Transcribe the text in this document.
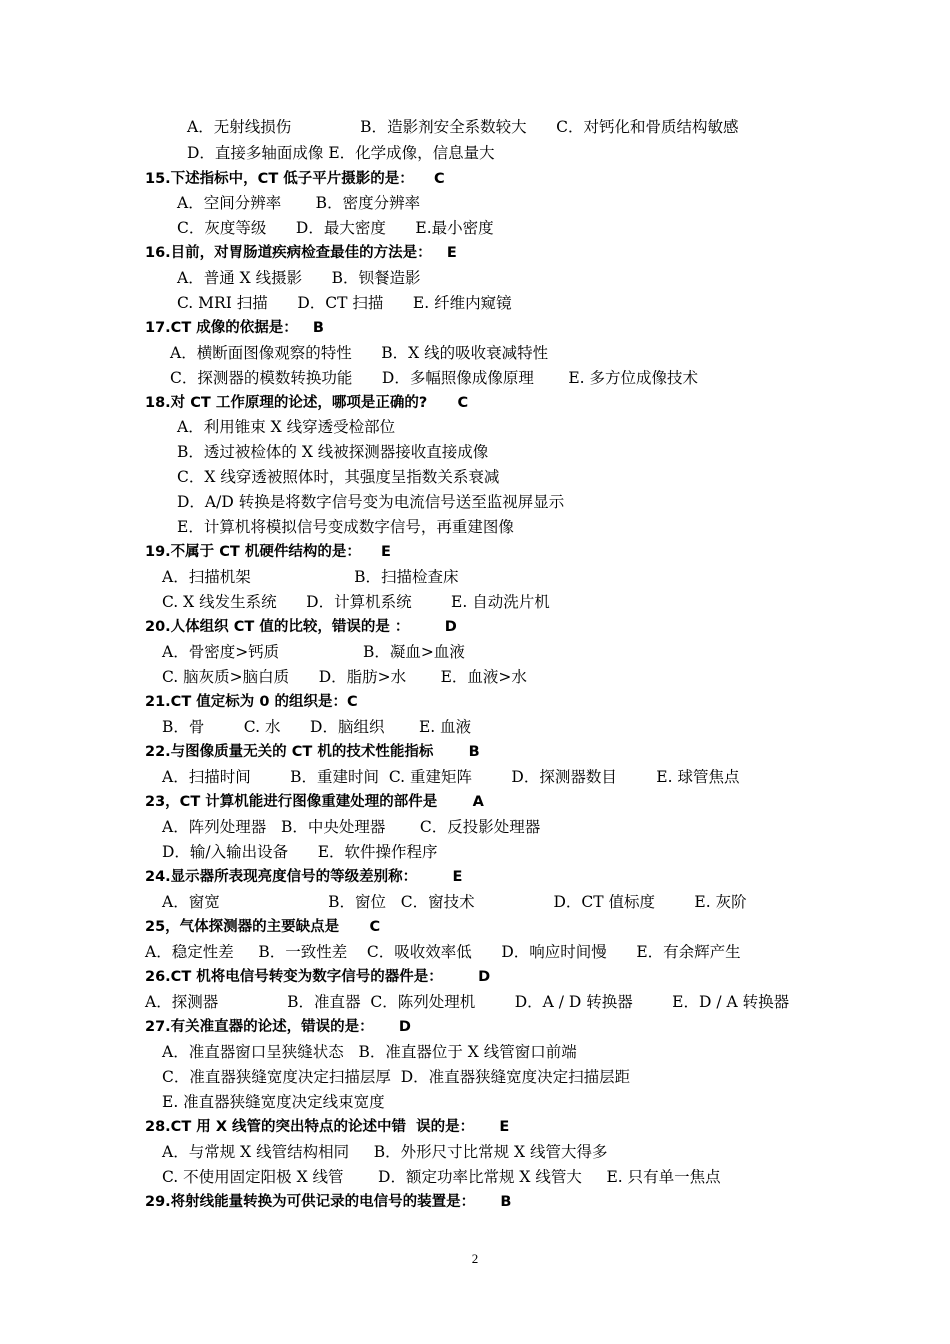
A．无射线损伤              B．造影剂安全系数较大      C．对钙化和骨质结构敏感
D．直接多轴面成像 E．化学成像，信息量大
15.下述指标中，CT 低子平片摄影的是：    C
A．空间分辨率       B．密度分辨率
C．灰度等级      D．最大密度      E.最小密度
16.目前，对胃肠道疾病检查最佳的方法是：   E
A．普通 X 线摄影      B．钡餐造影
C. MRI 扫描      D．CT 扫描      E. 纤维内窥镜
17.CT 成像的依据是：   B
A．横断面图像观察的特性      B．X 线的吸收衰减特性
C．探测器的模数转换功能      D．多幅照像成像原理       E. 多方位成像技术
18.对 CT 工作原理的论述，哪项是正确的?      C
A．利用锥束 X 线穿透受检部位
B．透过被检体的 X 线被探测器接收直接成像
C．X 线穿透被照体时，其强度呈指数关系衰减
D．A/D 转换是将数字信号变为电流信号送至监视屏显示
E．计算机将模拟信号变成数字信号，再重建图像
19.不属于 CT 机硬件结构的是：    E
A．扫描机架                     B．扫描检查床
C. X 线发生系统      D．计算机系统        E. 自动洗片机
20.人体组织 CT 值的比较，错误的是 ：       D
A．骨密度>钙质                 B．凝血>血液
C. 脑灰质>脑白质      D．脂肪>水       E．血液>水
21.CT 值定标为 0 的组织是：C
B．骨        C. 水      D．脑组织       E. 血液
22.与图像质量无关的 CT 机的技术性能指标       B
A．扫描时间        B．重建时间  C. 重建矩阵        D．探测器数目        E. 球管焦点
23，CT 计算机能进行图像重建处理的部件是       A
A．阵列处理器   B．中央处理器       C．反投影处理器
D．输/入输出设备      E．软件操作程序
24.显示器所表现亮度信号的等级差别称：       E
A．窗宽                      B．窗位   C．窗技术                D．CT 值标度        E. 灰阶
25，气体探测器的主要缺点是      C
A．稳定性差     B．一致性差    C．吸收效率低      D．响应时间慢      E．有余辉产生
26.CT 机将电信号转变为数字信号的器件是：       D
A．探测器              B．准直器  C．陈列处理机        D．A / D 转换器        E．D / A 转换器
27.有关准直器的论述，错误的是：     D
A．准直器窗口呈狭缝状态   B．准直器位于 X 线管窗口前端
C．准直器狭缝宽度决定扫描层厚  D．准直器狭缝宽度决定扫描层距
E. 准直器狭缝宽度决定线束宽度
28.CT 用 X 线管的突出特点的论述中错  误的是：     E
A．与常规 X 线管结构相同     B．外形尺寸比常规 X 线管大得多
C. 不使用固定阳极 X 线管       D．额定功率比常规 X 线管大     E. 只有单一焦点
29.将射线能量转换为可供记录的电信号的装置是：     B
2
